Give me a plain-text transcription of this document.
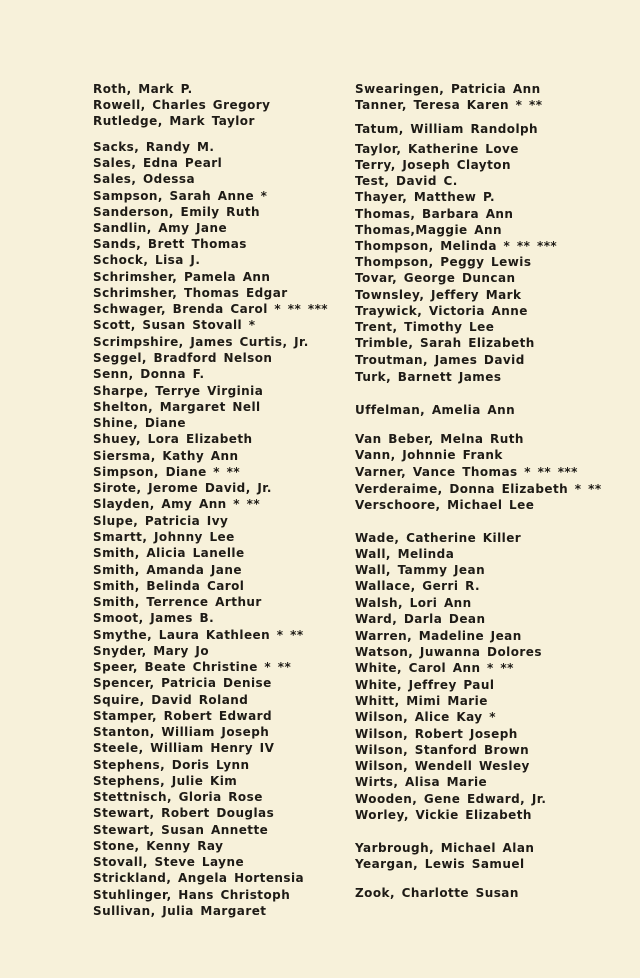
Roth, Mark P.
Rowell, Charles Gregory
Rutledge, Mark Taylor
Sacks, Randy M.
Sales, Edna Pearl
Sales, Odessa
Sampson, Sarah Anne *
Sanderson, Emily Ruth
Sandlin, Amy Jane
Sands, Brett Thomas
Schock, Lisa J.
Schrimsher, Pamela Ann
Schrimsher, Thomas Edgar
Schwager, Brenda Carol * ** ***
Scott, Susan Stovall *
Scrimpshire, James Curtis, Jr.
Seggel, Bradford Nelson
Senn, Donna F.
Sharpe, Terrye Virginia
Shelton, Margaret Nell
Shine, Diane
Shuey, Lora Elizabeth
Siersma, Kathy Ann
Simpson, Diane * **
Sirote, Jerome David, Jr.
Slayden, Amy Ann * **
Slupe, Patricia Ivy
Smartt, Johnny Lee
Smith, Alicia Lanelle
Smith, Amanda Jane
Smith, Belinda Carol
Smith, Terrence Arthur
Smoot, James B.
Smythe, Laura Kathleen * **
Snyder, Mary Jo
Speer, Beate Christine * **
Spencer, Patricia Denise
Squire, David Roland
Stamper, Robert Edward
Stanton, William Joseph
Steele, William Henry IV
Stephens, Doris Lynn
Stephens, Julie Kim
Stettnisch, Gloria Rose
Stewart, Robert Douglas
Stewart, Susan Annette
Stone, Kenny Ray
Stovall, Steve Layne
Strickland, Angela Hortensia
Stuhlinger, Hans Christoph
Sullivan, Julia Margaret
Swearingen, Patricia Ann
Tanner, Teresa Karen * **
Tatum, William Randolph
Taylor, Katherine Love
Terry, Joseph Clayton
Test, David C.
Thayer, Matthew P.
Thomas, Barbara Ann
Thomas,Maggie Ann
Thompson, Melinda * ** ***
Thompson, Peggy Lewis
Tovar, George Duncan
Townsley, Jeffery Mark
Traywick, Victoria Anne
Trent, Timothy Lee
Trimble, Sarah Elizabeth
Troutman, James David
Turk, Barnett James
Uffelman, Amelia Ann
Van Beber, Melna Ruth
Vann, Johnnie Frank
Varner, Vance Thomas * ** ***
Verderaime, Donna Elizabeth * **
Verschoore, Michael Lee
Wade, Catherine Killer
Wall, Melinda
Wall, Tammy Jean
Wallace, Gerri R.
Walsh, Lori Ann
Ward, Darla Dean
Warren, Madeline Jean
Watson, Juwanna Dolores
White, Carol Ann * **
White, Jeffrey Paul
Whitt, Mimi Marie
Wilson, Alice Kay *
Wilson, Robert Joseph
Wilson, Stanford Brown
Wilson, Wendell Wesley
Wirts, Alisa Marie
Wooden, Gene Edward, Jr.
Worley, Vickie Elizabeth
Yarbrough, Michael Alan
Yeargan, Lewis Samuel
Zook, Charlotte Susan
